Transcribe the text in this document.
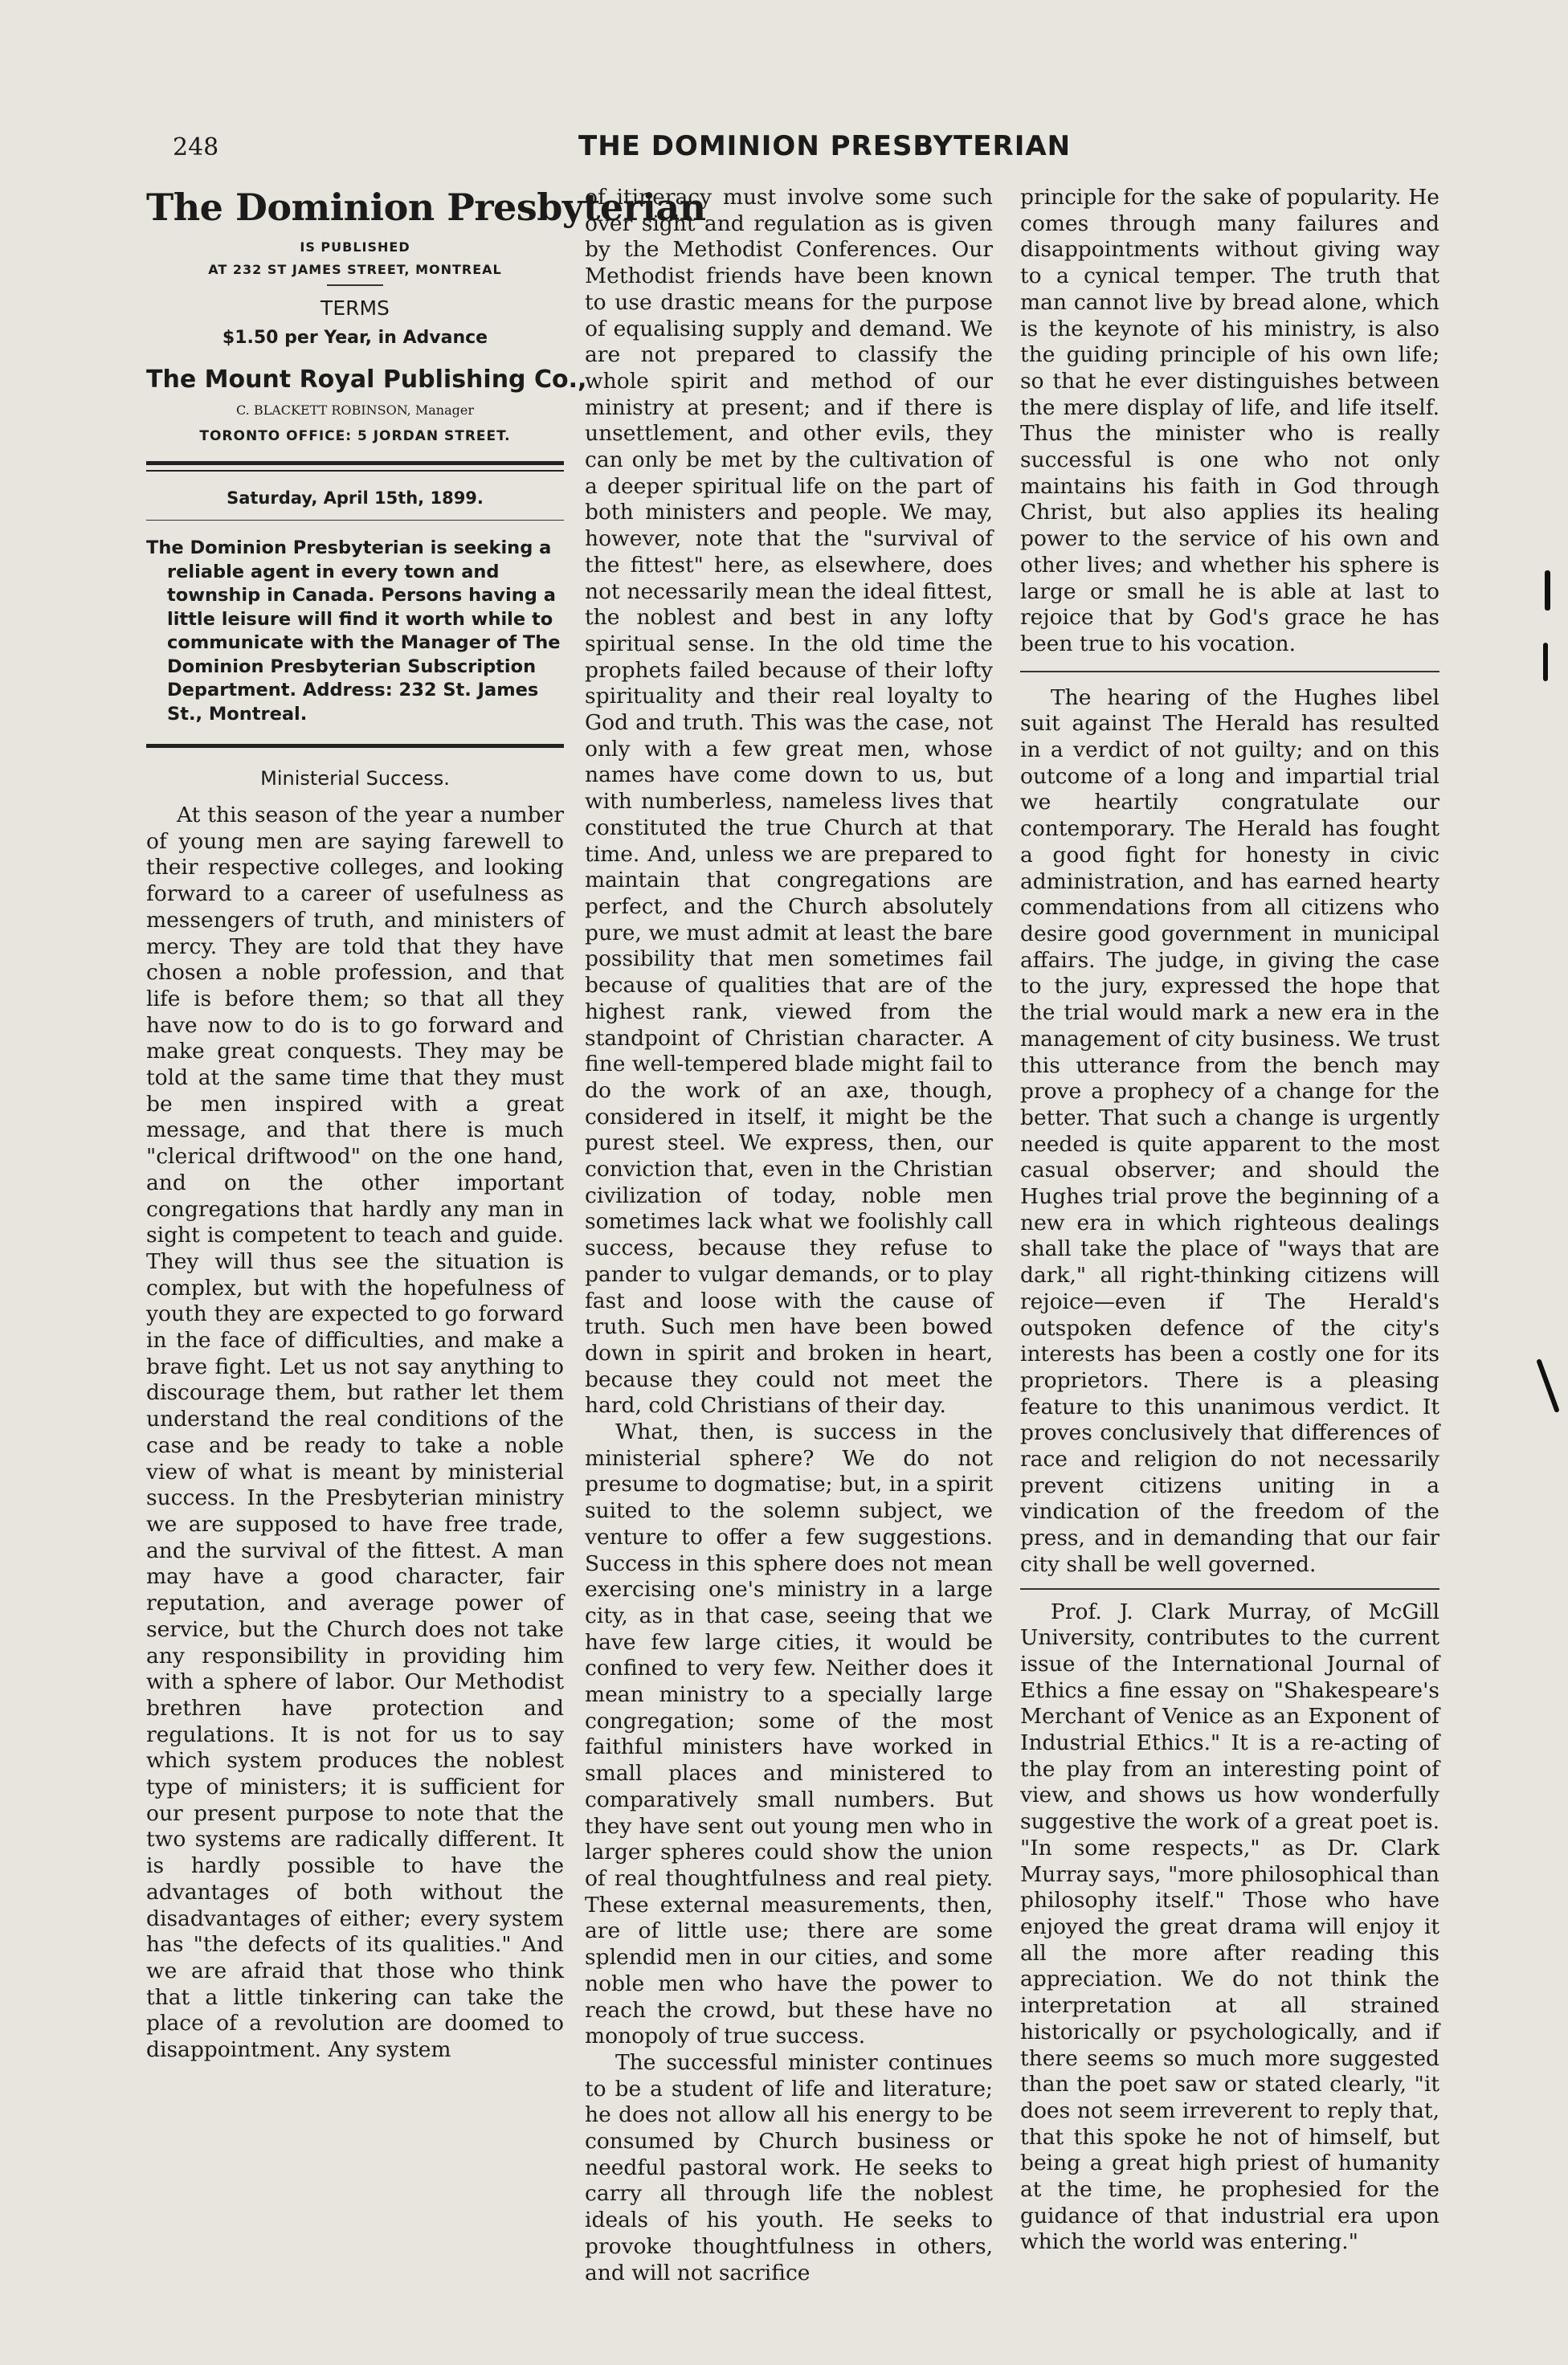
248	THE DOMINION PRESBYTERIAN
The Dominion Presbyterian
IS PUBLISHED
AT 232 ST JAMES STREET, MONTREAL
TERMS
$1.50 per Year, in Advance
The Mount Royal Publishing Co.,
C. BLACKETT ROBINSON, Manager
TORONTO OFFICE: 5 JORDAN STREET.
Saturday, April 15th, 1899.
The Dominion Presbyterian is seeking a reliable agent in every town and township in Canada. Persons having a little leisure will find it worth while to communicate with the Manager of The Dominion Presbyterian Subscription Department. Address: 232 St. James St., Montreal.
Ministerial Success.

At this season of the year a number of young men are saying farewell to their respective colleges, and looking forward to a career of usefulness as messengers of truth, and ministers of mercy. They are told that they have chosen a noble profession, and that life is before them; so that all they have now to do is to go forward and make great conquests. They may be told at the same time that they must be men inspired with a great message, and that there is much "clerical driftwood" on the one hand, and on the other important congregations that hardly any man in sight is competent to teach and guide. They will thus see the situation is complex, but with the hopefulness of youth they are expected to go forward in the face of difficulties, and make a brave fight. Let us not say anything to discourage them, but rather let them understand the real conditions of the case and be ready to take a noble view of what is meant by ministerial success. In the Presbyterian ministry we are supposed to have free trade, and the survival of the fittest. A man may have a good character, fair reputation, and average power of service, but the Church does not take any responsibility in providing him with a sphere of labor. Our Methodist brethren have protection and regulations. It is not for us to say which system produces the noblest type of ministers; it is sufficient for our present purpose to note that the two systems are radically different. It is hardly possible to have the advantages of both without the disadvantages of either; every system has "the defects of its qualities." And we are afraid that those who think that a little tinkering can take the place of a revolution are doomed to disappointment. Any system

of itineracy must involve some such over sight and regulation as is given by the Methodist Conferences. Our Methodist friends have been known to use drastic means for the purpose of equalising supply and demand. We are not prepared to classify the whole spirit and method of our ministry at present; and if there is unsettlement, and other evils, they can only be met by the cultivation of a deeper spiritual life on the part of both ministers and people. We may, however, note that the "survival of the fittest" here, as elsewhere, does not necessarily mean the ideal fittest, the noblest and best in any lofty spiritual sense. In the old time the prophets failed because of their lofty spirituality and their real loyalty to God and truth. This was the case, not only with a few great men, whose names have come down to us, but with numberless, nameless lives that constituted the true Church at that time. And, unless we are prepared to maintain that congregations are perfect, and the Church absolutely pure, we must admit at least the bare possibility that men sometimes fail because of qualities that are of the highest rank, viewed from the standpoint of Christian character. A fine well-tempered blade might fail to do the work of an axe, though, considered in itself, it might be the purest steel. We express, then, our conviction that, even in the Christian civilization of today, noble men sometimes lack what we foolishly call success, because they refuse to pander to vulgar demands, or to play fast and loose with the cause of truth. Such men have been bowed down in spirit and broken in heart, because they could not meet the hard, cold Christians of their day.

What, then, is success in the ministerial sphere? We do not presume to dogmatise; but, in a spirit suited to the solemn subject, we venture to offer a few suggestions. Success in this sphere does not mean exercising one's ministry in a large city, as in that case, seeing that we have few large cities, it would be confined to very few. Neither does it mean ministry to a specially large congregation; some of the most faithful ministers have worked in small places and ministered to comparatively small numbers. But they have sent out young men who in larger spheres could show the union of real thoughtfulness and real piety. These external measurements, then, are of little use; there are some splendid men in our cities, and some noble men who have the power to reach the crowd, but these have no monopoly of true success.

The successful minister continues to be a student of life and literature; he does not allow all his energy to be consumed by Church business or needful pastoral work. He seeks to carry all through life the noblest ideals of his youth. He seeks to provoke thoughtfulness in others, and will not sacrifice

principle for the sake of popularity. He comes through many failures and disappointments without giving way to a cynical temper. The truth that man cannot live by bread alone, which is the keynote of his ministry, is also the guiding principle of his own life; so that he ever distinguishes between the mere display of life, and life itself. Thus the minister who is really successful is one who not only maintains his faith in God through Christ, but also applies its healing power to the service of his own and other lives; and whether his sphere is large or small he is able at last to rejoice that by God's grace he has been true to his vocation.

The hearing of the Hughes libel suit against The Herald has resulted in a verdict of not guilty; and on this outcome of a long and impartial trial we heartily congratulate our contemporary. The Herald has fought a good fight for honesty in civic administration, and has earned hearty commendations from all citizens who desire good government in municipal affairs. The judge, in giving the case to the jury, expressed the hope that the trial would mark a new era in the management of city business. We trust this utterance from the bench may prove a prophecy of a change for the better. That such a change is urgently needed is quite apparent to the most casual observer; and should the Hughes trial prove the beginning of a new era in which righteous dealings shall take the place of "ways that are dark," all right-thinking citizens will rejoice—even if The Herald's outspoken defence of the city's interests has been a costly one for its proprietors. There is a pleasing feature to this unanimous verdict. It proves conclusively that differences of race and religion do not necessarily prevent citizens uniting in a vindication of the freedom of the press, and in demanding that our fair city shall be well governed.

Prof. J. Clark Murray, of McGill University, contributes to the current issue of the International Journal of Ethics a fine essay on "Shakespeare's Merchant of Venice as an Exponent of Industrial Ethics." It is a re-acting of the play from an interesting point of view, and shows us how wonderfully suggestive the work of a great poet is. "In some respects," as Dr. Clark Murray says, "more philosophical than philosophy itself." Those who have enjoyed the great drama will enjoy it all the more after reading this appreciation. We do not think the interpretation at all strained historically or psychologically, and if there seems so much more suggested than the poet saw or stated clearly, "it does not seem irreverent to reply that, that this spoke he not of himself, but being a great high priest of humanity at the time, he prophesied for the guidance of that industrial era upon which the world was entering."
